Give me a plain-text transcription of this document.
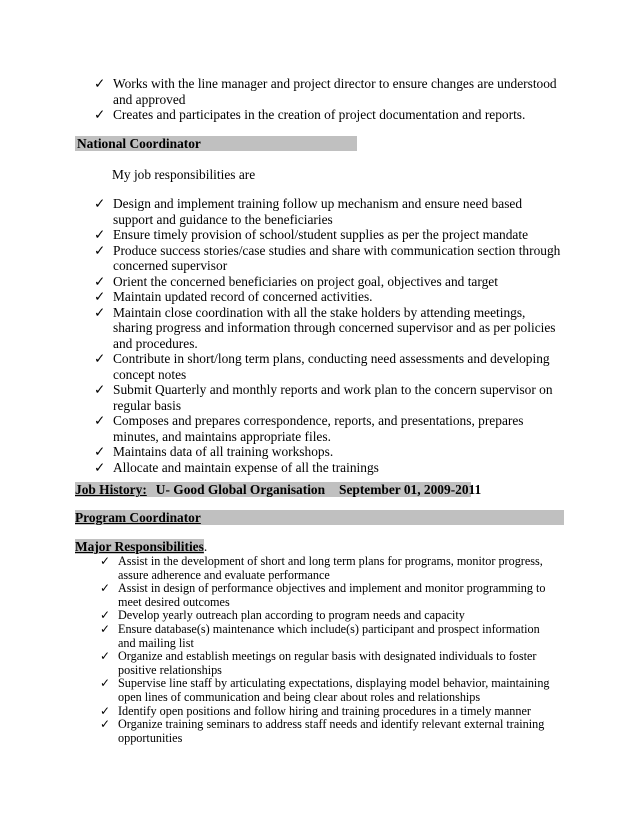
✓ Works with the line manager and project director to ensure changes are understood and approved
✓ Creates and participates in the creation of project documentation and reports.
National Coordinator
My job responsibilities are
✓ Design and implement training follow up mechanism and ensure need based support and guidance to the beneficiaries
✓ Ensure timely provision of school/student supplies as per the project mandate
✓ Produce success stories/case studies and share with communication section through concerned supervisor
✓ Orient the concerned beneficiaries on project goal, objectives and target
✓ Maintain updated record of concerned activities.
✓ Maintain close coordination with all the stake holders by attending meetings, sharing progress and information through concerned supervisor and as per policies and procedures.
✓ Contribute in short/long term plans, conducting need assessments and developing concept notes
✓ Submit Quarterly and monthly reports and work plan to the concern supervisor on regular basis
✓ Composes and prepares correspondence, reports, and presentations, prepares minutes, and maintains appropriate files.
✓ Maintains data of all training workshops.
✓ Allocate and maintain expense of all the trainings
Job History: U- Good Global Organisation September 01, 2009-2011
Program Coordinator
Major Responsibilities.
✓ Assist in the development of short and long term plans for programs, monitor progress, assure adherence and evaluate performance
✓ Assist in design of performance objectives and implement and monitor programming to meet desired outcomes
✓ Develop yearly outreach plan according to program needs and capacity
✓ Ensure database(s) maintenance which include(s) participant and prospect information and mailing list
✓ Organize and establish meetings on regular basis with designated individuals to foster positive relationships
✓ Supervise line staff by articulating expectations, displaying model behavior, maintaining open lines of communication and being clear about roles and relationships
✓ Identify open positions and follow hiring and training procedures in a timely manner
✓ Organize training seminars to address staff needs and identify relevant external training opportunities
